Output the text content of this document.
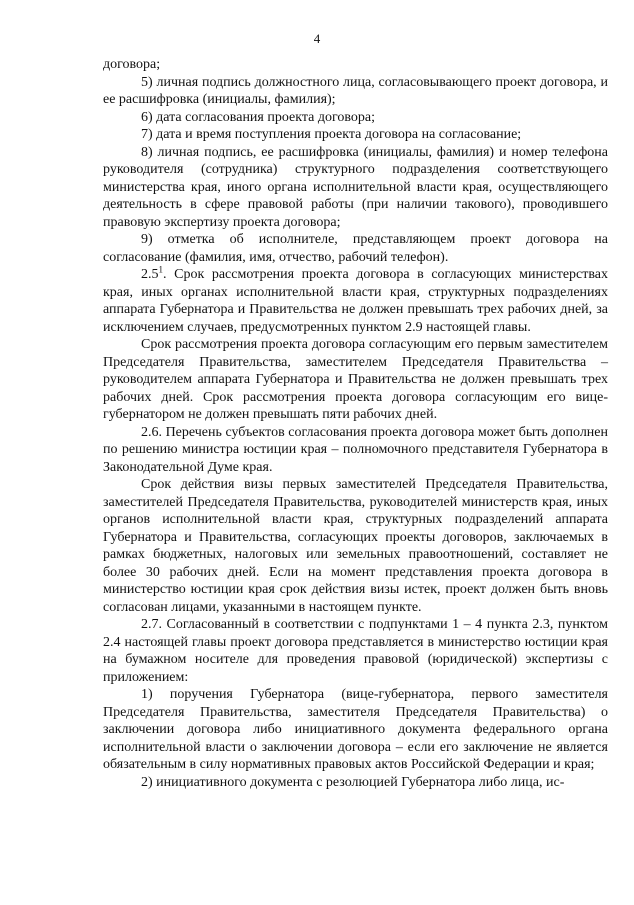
4

договора;

5) личная подпись должностного лица, согласовывающего проект договора, и ее расшифровка (инициалы, фамилия);

6) дата согласования проекта договора;

7) дата и время поступления проекта договора на согласование;

8) личная подпись, ее расшифровка (инициалы, фамилия) и номер телефона руководителя (сотрудника) структурного подразделения соответствующего министерства края, иного органа исполнительной власти края, осуществляющего деятельность в сфере правовой работы (при наличии такового), проводившего правовую экспертизу проекта договора;

9) отметка об исполнителе, представляющем проект договора на согласование (фамилия, имя, отчество, рабочий телефон).

$2.5^1$. Срок рассмотрения проекта договора в согласующих министерствах края, иных органах исполнительной власти края, структурных подразделениях аппарата Губернатора и Правительства не должен превышать трех рабочих дней, за исключением случаев, предусмотренных пунктом 2.9 настоящей главы.

Срок рассмотрения проекта договора согласующим его первым заместителем Председателя Правительства, заместителем Председателя Правительства – руководителем аппарата Губернатора и Правительства не должен превышать трех рабочих дней. Срок рассмотрения проекта договора согласующим его вице-губернатором не должен превышать пяти рабочих дней.

2.6. Перечень субъектов согласования проекта договора может быть дополнен по решению министра юстиции края – полномочного представителя Губернатора в Законодательной Думе края.

Срок действия визы первых заместителей Председателя Правительства, заместителей Председателя Правительства, руководителей министерств края, иных органов исполнительной власти края, структурных подразделений аппарата Губернатора и Правительства, согласующих проекты договоров, заключаемых в рамках бюджетных, налоговых или земельных правоотношений, составляет не более 30 рабочих дней. Если на момент представления проекта договора в министерство юстиции края срок действия визы истек, проект должен быть вновь согласован лицами, указанными в настоящем пункте.

2.7. Согласованный в соответствии с подпунктами 1 – 4 пункта 2.3, пунктом 2.4 настоящей главы проект договора представляется в министерство юстиции края на бумажном носителе для проведения правовой (юридической) экспертизы с приложением:

1) поручения Губернатора (вице-губернатора, первого заместителя Председателя Правительства, заместителя Председателя Правительства) о заключении договора либо инициативного документа федерального органа исполнительной власти о заключении договора – если его заключение не является обязательным в силу нормативных правовых актов Российской Федерации и края;

2) инициативного документа с резолюцией Губернатора либо лица, ис-
